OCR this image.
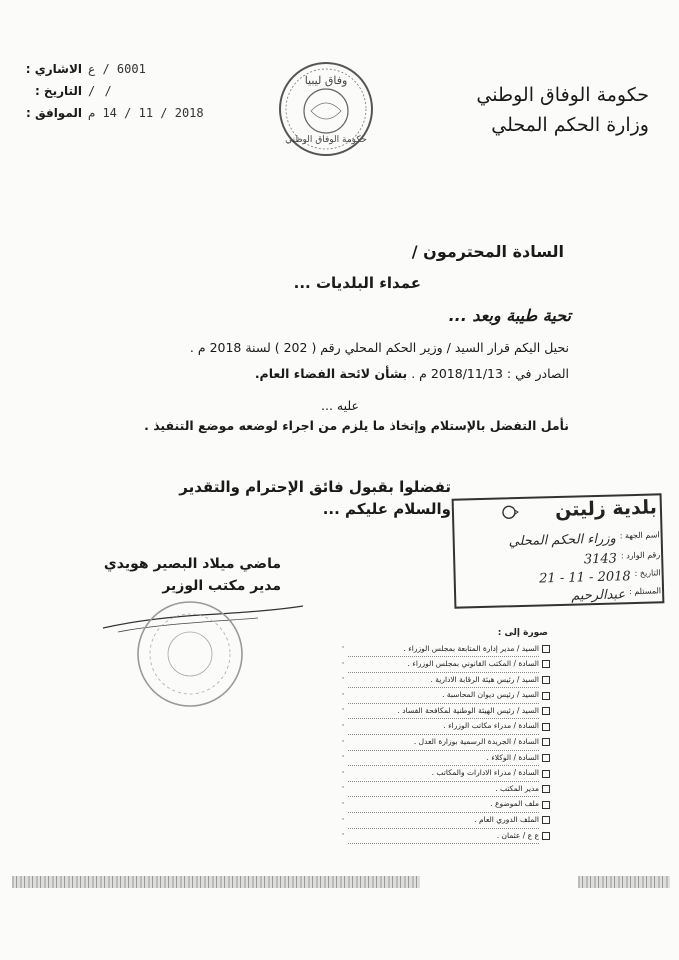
حكومة الوفاق الوطني
وزارة الحكم المحلي
الاشاري : 6001 / ع
التاريخ : / /
الموافق : 2018 / 11 / 14 م
وفاق ليبيا
حكومة الوفاق الوطني
السادة المحترمون /
عمداء البلديات ...
تحية طيبة وبعد ...
نحيل اليكم قرار السيد / وزير الحكم المحلي رقم ( 202 ) لسنة 2018 م .
الصادر في : 2018/11/13 م . بشأن لائحة الفضاء العام.
عليه ...
نأمل التفضل بالإستلام وإتخاذ ما يلزم من اجراء لوضعه موضع التنفيذ .
تفضلوا بقبول فائق الإحترام والتقدير
والسلام عليكم ...
ماضي ميلاد البصير هويدي
مدير مكتب الوزير
بلدية زليتن
اسم الجهة :
وزراء الحكم المحلي
رقم الوارد :
3143
التاريخ :
2018 - 11 - 21
المستلم :
عبدالرحيم
صورة إلى :
السيد / مدير إدارة المتابعة بمجلس الوزراء .
·
السادة / المكتب القانوني بمجلس الوزراء .
·
السيد / رئيس هيئة الرقابة الادارية .
·
السيد / رئيس ديوان المحاسبة .
·
السيد / رئيس الهيئة الوطنية لمكافحة الفساد .
·
السادة / مدراء مكاتب الوزراء .
·
السادة / الجريدة الرسمية بوزارة العدل .
·
السادة / الوكلاء .
·
السادة / مدراء الادارات والمكاتب .
·
مدير المكتب .
·
ملف الموضوع .
·
الملف الدوري العام .
·
ع ع / عثمان .
·
